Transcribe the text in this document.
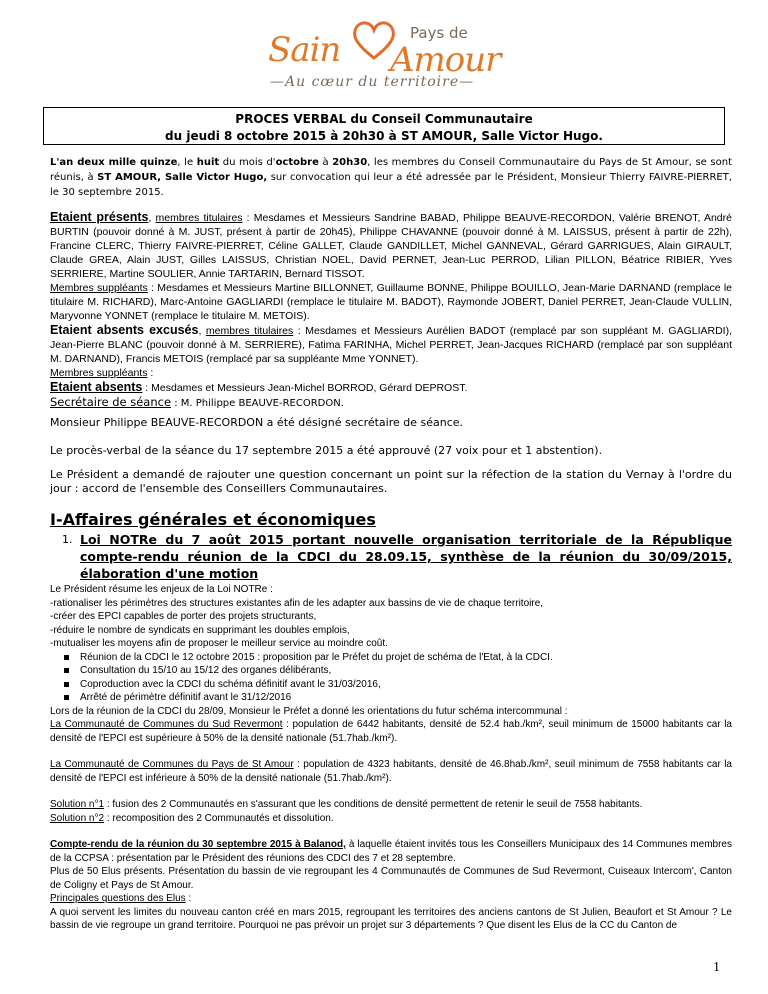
Sain Amour
Pays de
—Au cœur du territoire—
PROCES VERBAL du Conseil Communautaire
du jeudi 8 octobre 2015 à 20h30 à ST AMOUR, Salle Victor Hugo.
L'an deux mille quinze, le huit du mois d'octobre à 20h30, les membres du Conseil Communautaire du Pays de St Amour, se sont réunis, à ST AMOUR, Salle Victor Hugo, sur convocation qui leur a été adressée par le Président, Monsieur Thierry FAIVRE-PIERRET, le 30 septembre 2015.
Etaient présents, membres titulaires : Mesdames et Messieurs Sandrine BABAD, Philippe BEAUVE-RECORDON, Valérie BRENOT, André BURTIN (pouvoir donné à M. JUST, présent à partir de 20h45), Philippe CHAVANNE (pouvoir donné à M. LAISSUS, présent à partir de 22h), Francine CLERC, Thierry FAIVRE-PIERRET, Céline GALLET, Claude GANDILLET, Michel GANNEVAL, Gérard GARRIGUES, Alain GIRAULT, Claude GREA, Alain JUST, Gilles LAISSUS, Christian NOEL, David PERNET, Jean-Luc PERROD, Lilian PILLON, Béatrice RIBIER, Yves SERRIERE, Martine SOULIER, Annie TARTARIN, Bernard TISSOT.
Membres suppléants : Mesdames et Messieurs Martine BILLONNET, Guillaume BONNE, Philippe BOUILLO, Jean-Marie DARNAND (remplace le titulaire M. RICHARD), Marc-Antoine GAGLIARDI (remplace le titulaire M. BADOT), Raymonde JOBERT, Daniel PERRET, Jean-Claude VULLIN, Maryvonne YONNET (remplace le titulaire M. METOIS).
Etaient absents excusés, membres titulaires : Mesdames et Messieurs Aurélien BADOT (remplacé par son suppléant M. GAGLIARDI), Jean-Pierre BLANC (pouvoir donné à M. SERRIERE), Fatima FARINHA, Michel PERRET, Jean-Jacques RICHARD (remplacé par son suppléant M. DARNAND), Francis METOIS (remplacé par sa suppléante Mme YONNET).
Membres suppléants :
Etaient absents : Mesdames et Messieurs Jean-Michel BORROD, Gérard DEPROST.
Secrétaire de séance : M. Philippe BEAUVE-RECORDON.
Monsieur Philippe BEAUVE-RECORDON a été désigné secrétaire de séance.
Le procès-verbal de la séance du 17 septembre 2015 a été approuvé (27 voix pour et 1 abstention).
Le Président a demandé de rajouter une question concernant un point sur la réfection de la station du Vernay à l'ordre du jour : accord de l'ensemble des Conseillers Communautaires.
I-Affaires générales et économiques
1. Loi NOTRe du 7 août 2015 portant nouvelle organisation territoriale de la République compte-rendu réunion de la CDCI du 28.09.15, synthèse de la réunion du 30/09/2015, élaboration d'une motion
Le Président résume les enjeux de la Loi NOTRe :
-rationaliser les périmètres des structures existantes afin de les adapter aux bassins de vie de chaque territoire,
-créer des EPCI capables de porter des projets structurants,
-réduire le nombre de syndicats en supprimant les doubles emplois,
-mutualiser les moyens afin de proposer le meilleur service au moindre coût.
Réunion de la CDCI le 12 octobre 2015 : proposition par le Préfet du projet de schéma de l'Etat, à la CDCI.
Consultation du 15/10 au 15/12 des organes délibérants,
Coproduction avec la CDCI du schéma définitif avant le 31/03/2016,
Arrêté de périmètre définitif avant le 31/12/2016
Lors de la réunion de la CDCI du 28/09, Monsieur le Préfet a donné les orientations du futur schéma intercommunal :
La Communauté de Communes du Sud Revermont : population de 6442 habitants, densité de 52.4 hab./km², seuil minimum de 15000 habitants car la densité de l'EPCI est supérieure à 50% de la densité nationale (51.7hab./km²).
La Communauté de Communes du Pays de St Amour : population de 4323 habitants, densité de 46.8hab./km², seuil minimum de 7558 habitants car la densité de l'EPCI est inférieure à 50% de la densité nationale (51.7hab./km²).
Solution n°1 : fusion des 2 Communautés en s'assurant que les conditions de densité permettent de retenir le seuil de 7558 habitants.
Solution n°2 : recomposition des 2 Communautés et dissolution.
Compte-rendu de la réunion du 30 septembre 2015 à Balanod, à laquelle étaient invités tous les Conseillers Municipaux des 14 Communes membres de la CCPSA : présentation par le Président des réunions des CDCI des 7 et 28 septembre.
Plus de 50 Elus présents. Présentation du bassin de vie regroupant les 4 Communautés de Communes de Sud Revermont, Cuiseaux Intercom', Canton de Coligny et Pays de St Amour.
Principales questions des Elus :
A quoi servent les limites du nouveau canton créé en mars 2015, regroupant les territoires des anciens cantons de St Julien, Beaufort et St Amour ? Le bassin de vie regroupe un grand territoire. Pourquoi ne pas prévoir un projet sur 3 départements ? Que disent les Elus de la CC du Canton de
1
